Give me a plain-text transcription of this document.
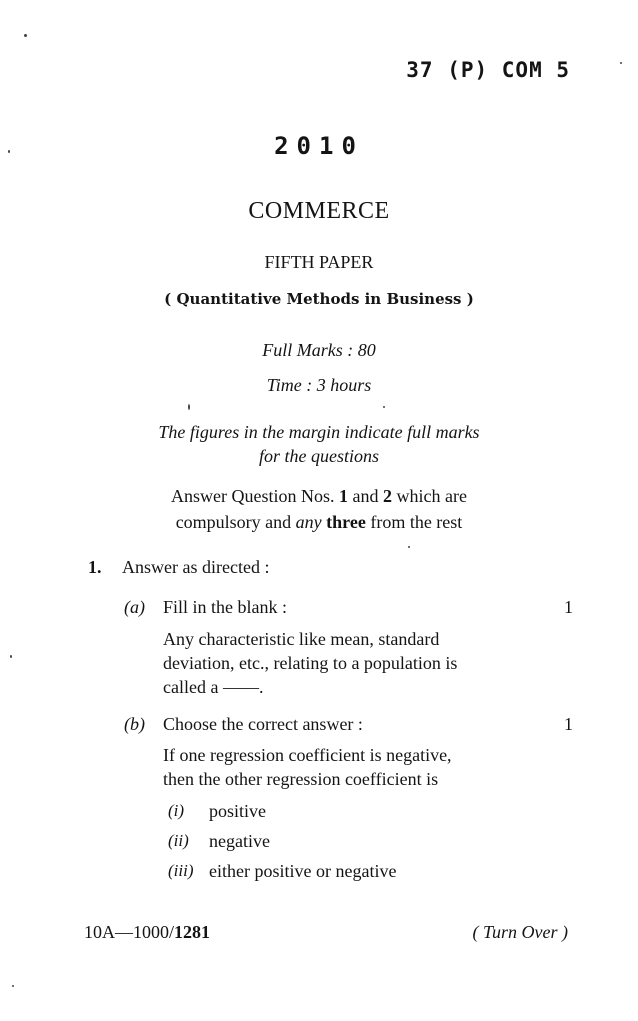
37 (P) COM 5
2010
COMMERCE
FIFTH PAPER
( Quantitative Methods in Business )
Full Marks : 80
Time : 3 hours
The figures in the margin indicate full marks
for the questions
Answer Question Nos. 1 and 2 which are
compulsory and any three from the rest
1. Answer as directed :
(a) Fill in the blank :	1
Any characteristic like mean, standard
deviation, etc., relating to a population is
called a ——.
(b) Choose the correct answer :	1
If one regression coefficient is negative,
then the other regression coefficient is
(i) positive
(ii) negative
(iii) either positive or negative
10A—1000/1281	( Turn Over )
